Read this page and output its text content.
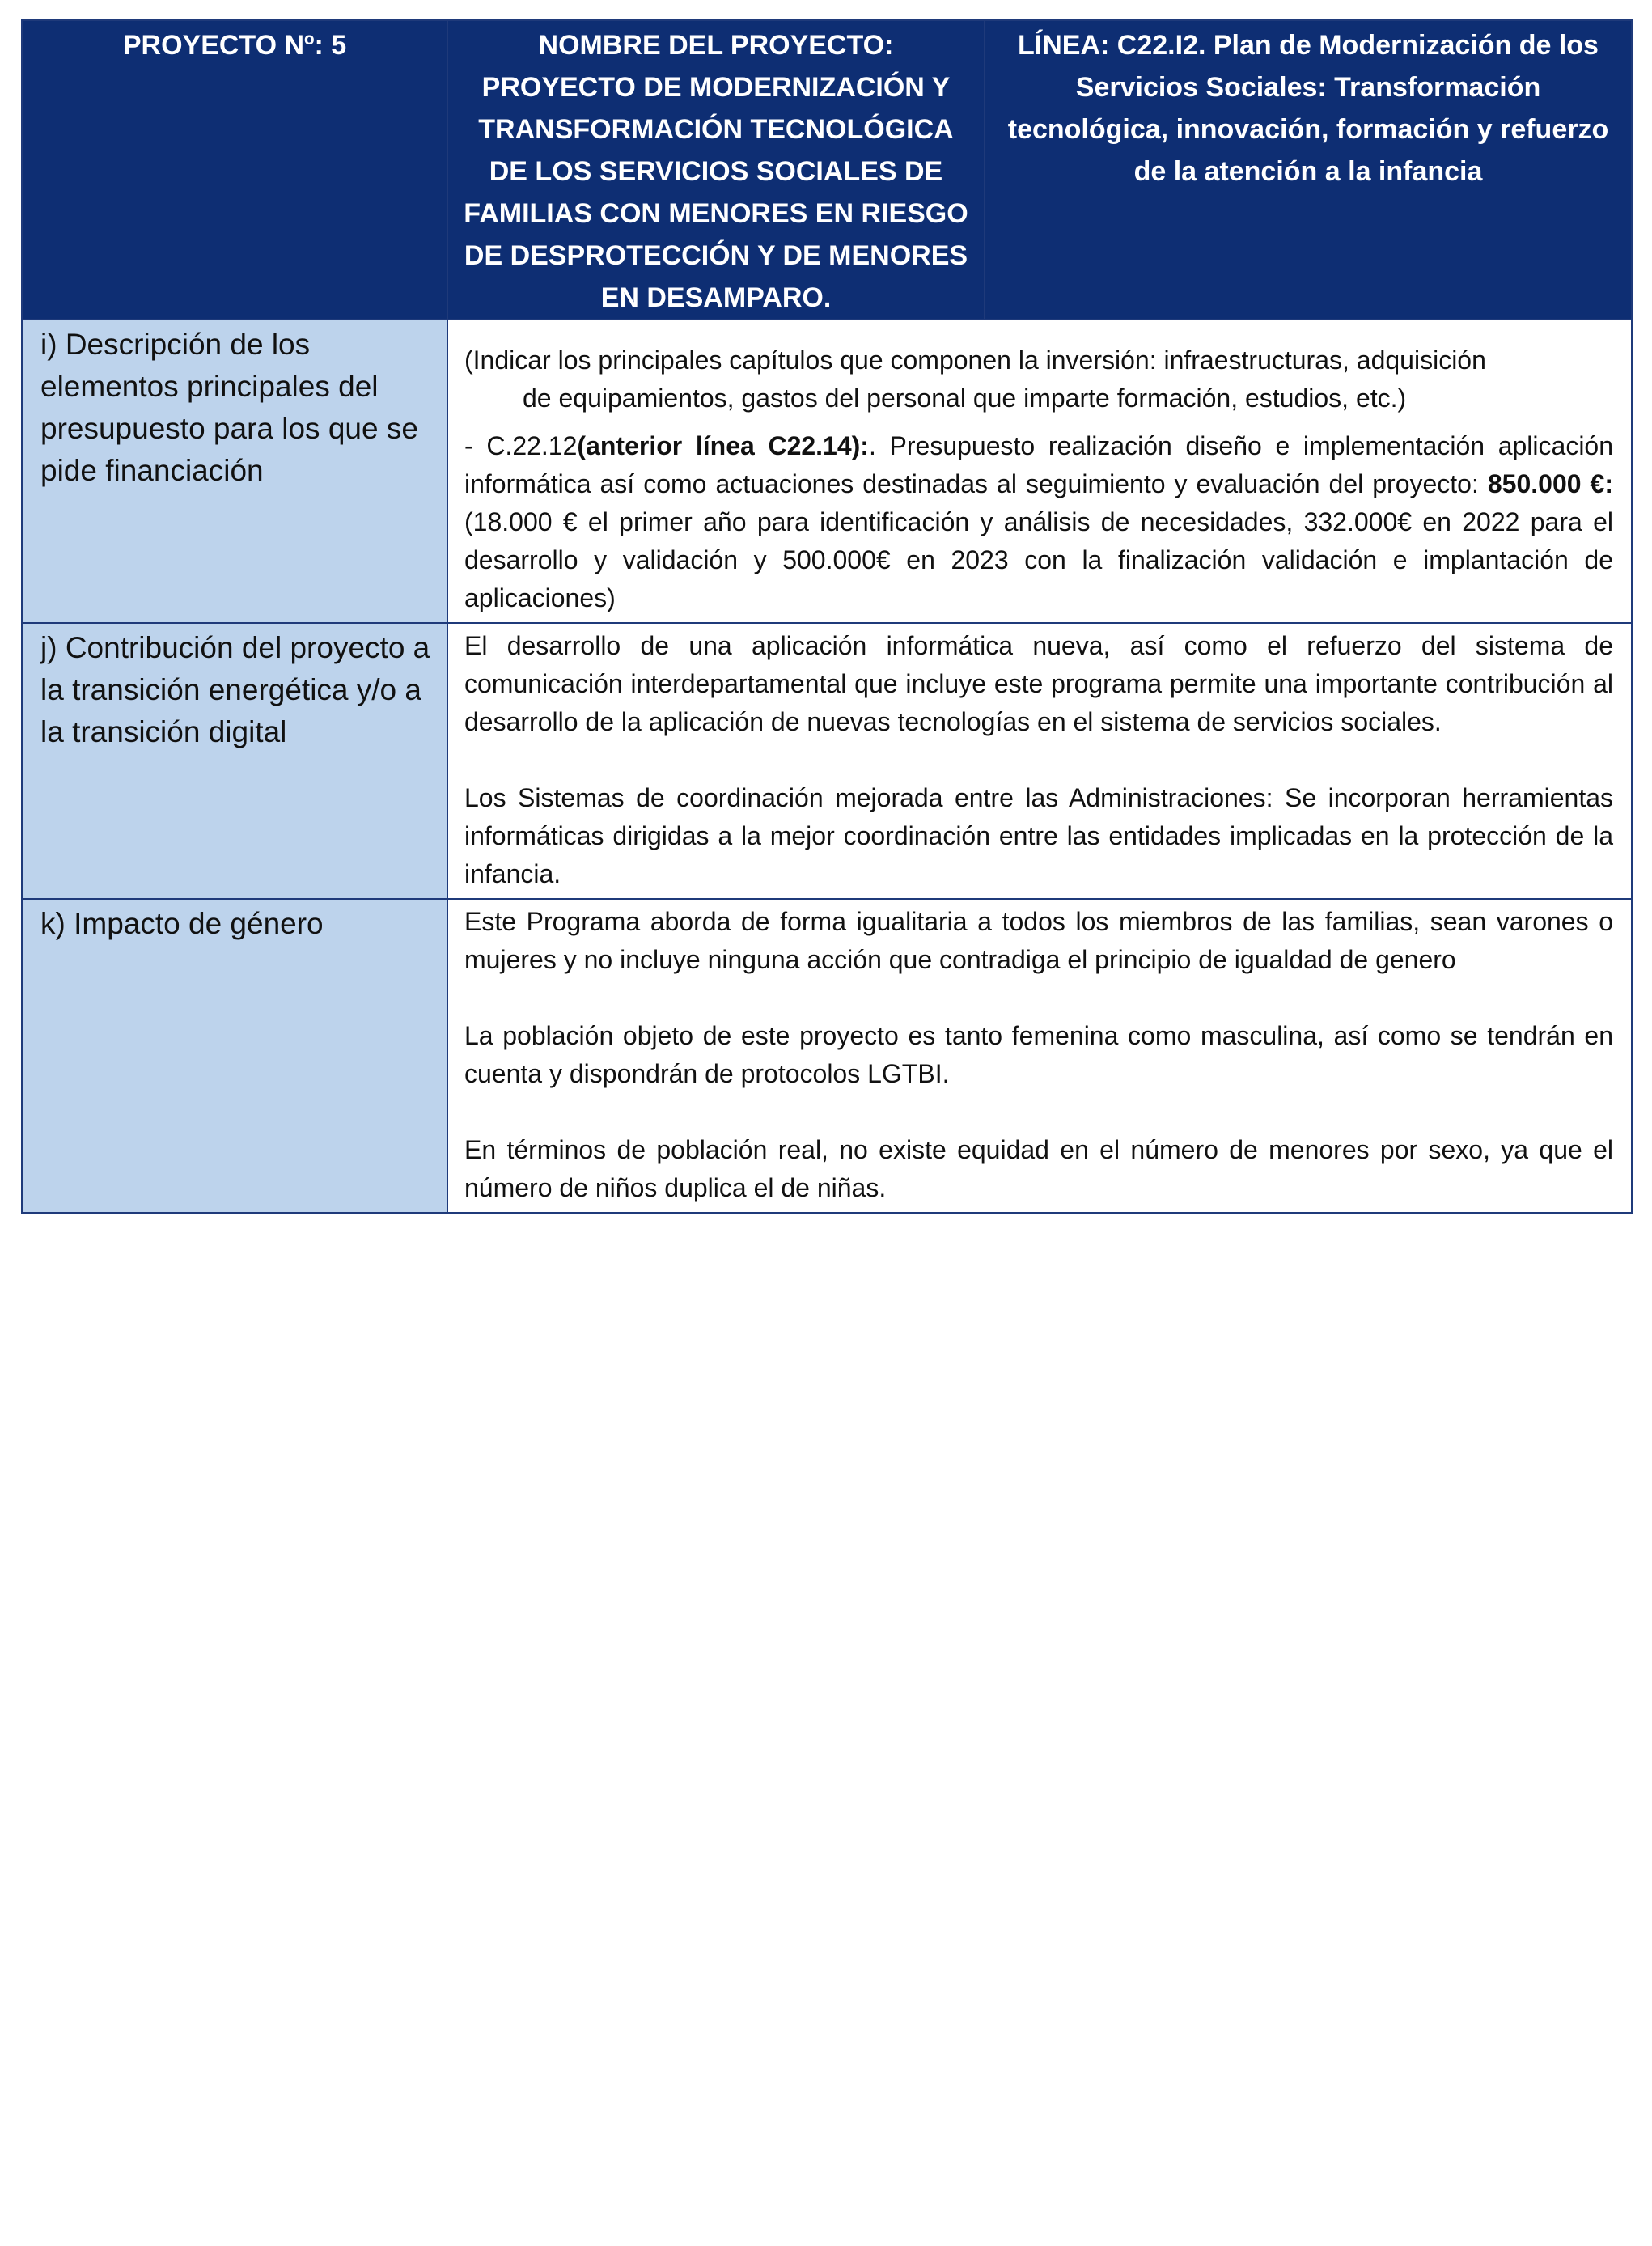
PROYECTO Nº: 5	NOMBRE DEL PROYECTO:
PROYECTO DE MODERNIZACIÓN Y TRANSFORMACIÓN TECNOLÓGICA DE LOS SERVICIOS SOCIALES DE FAMILIAS CON MENORES EN RIESGO DE DESPROTECCIÓN Y DE MENORES EN DESAMPARO.	LÍNEA: C22.I2. Plan de Modernización de los Servicios Sociales: Transformación tecnológica, innovación, formación y refuerzo de la atención a la infancia
i) Descripción de los elementos principales del presupuesto para los que se pide financiación	(Indicar los principales capítulos que componen la inversión: infraestructuras, adquisición
de equipamientos, gastos del personal que imparte formación, estudios, etc.)

- C.22.12(anterior línea C22.14):. Presupuesto realización diseño e implementación aplicación informática así como actuaciones destinadas al seguimiento y evaluación del proyecto: 850.000 €: (18.000 € el primer año para identificación y análisis de necesidades, 332.000€ en 2022 para el desarrollo y validación y 500.000€ en 2023 con la finalización validación e implantación de aplicaciones)	

j) Contribución del proyecto a la transición energética y/o a la transición digital	El desarrollo de una aplicación informática nueva, así como el refuerzo del sistema de comunicación interdepartamental que incluye este programa permite una importante contribución al desarrollo de la aplicación de nuevas tecnologías en el sistema de servicios sociales.

Los Sistemas de coordinación mejorada entre las Administraciones: Se incorporan herramientas informáticas dirigidas a la mejor coordinación entre las entidades implicadas en la protección de la infancia.	

k) Impacto de género	Este Programa aborda de forma igualitaria a todos los miembros de las familias, sean varones o mujeres y no incluye ninguna acción que contradiga el principio de igualdad de genero

La población objeto de este proyecto es tanto femenina como masculina, así como se tendrán en cuenta y dispondrán de protocolos LGTBI.

En términos de población real, no existe equidad en el número de menores por sexo, ya que el número de niños duplica el de niñas.	
